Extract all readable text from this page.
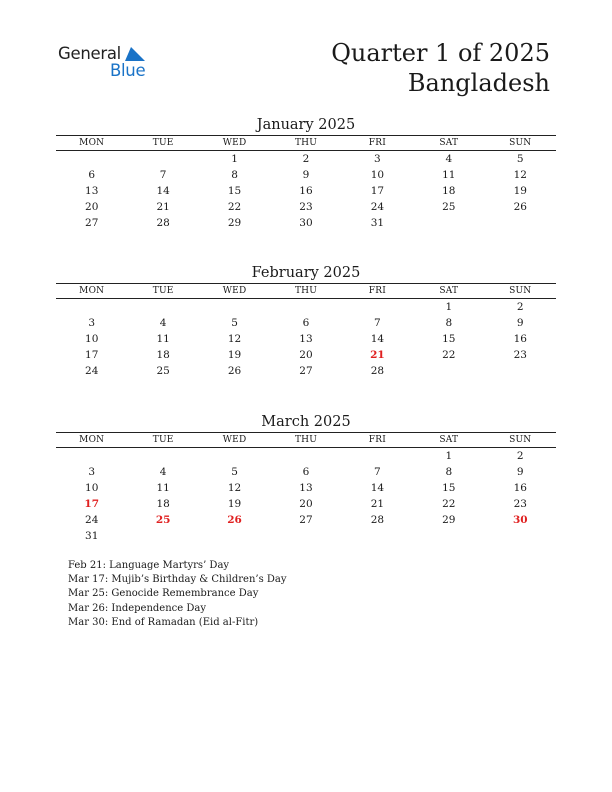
General
Blue
Quarter 1 of 2025
Bangladesh
January 2025
MON	TUE	WED	THU	FRI	SAT	SUN
		1	2	3	4	5
6	7	8	9	10	11	12
13	14	15	16	17	18	19
20	21	22	23	24	25	26
27	28	29	30	31		
February 2025
MON	TUE	WED	THU	FRI	SAT	SUN
					1	2
3	4	5	6	7	8	9
10	11	12	13	14	15	16
17	18	19	20	21	22	23
24	25	26	27	28		
March 2025
MON	TUE	WED	THU	FRI	SAT	SUN
					1	2
3	4	5	6	7	8	9
10	11	12	13	14	15	16
17	18	19	20	21	22	23
24	25	26	27	28	29	30
31						
Feb 21: Language Martyrs’ Day
Mar 17: Mujib’s Birthday & Children’s Day
Mar 25: Genocide Remembrance Day
Mar 26: Independence Day
Mar 30: End of Ramadan (Eid al-Fitr)
